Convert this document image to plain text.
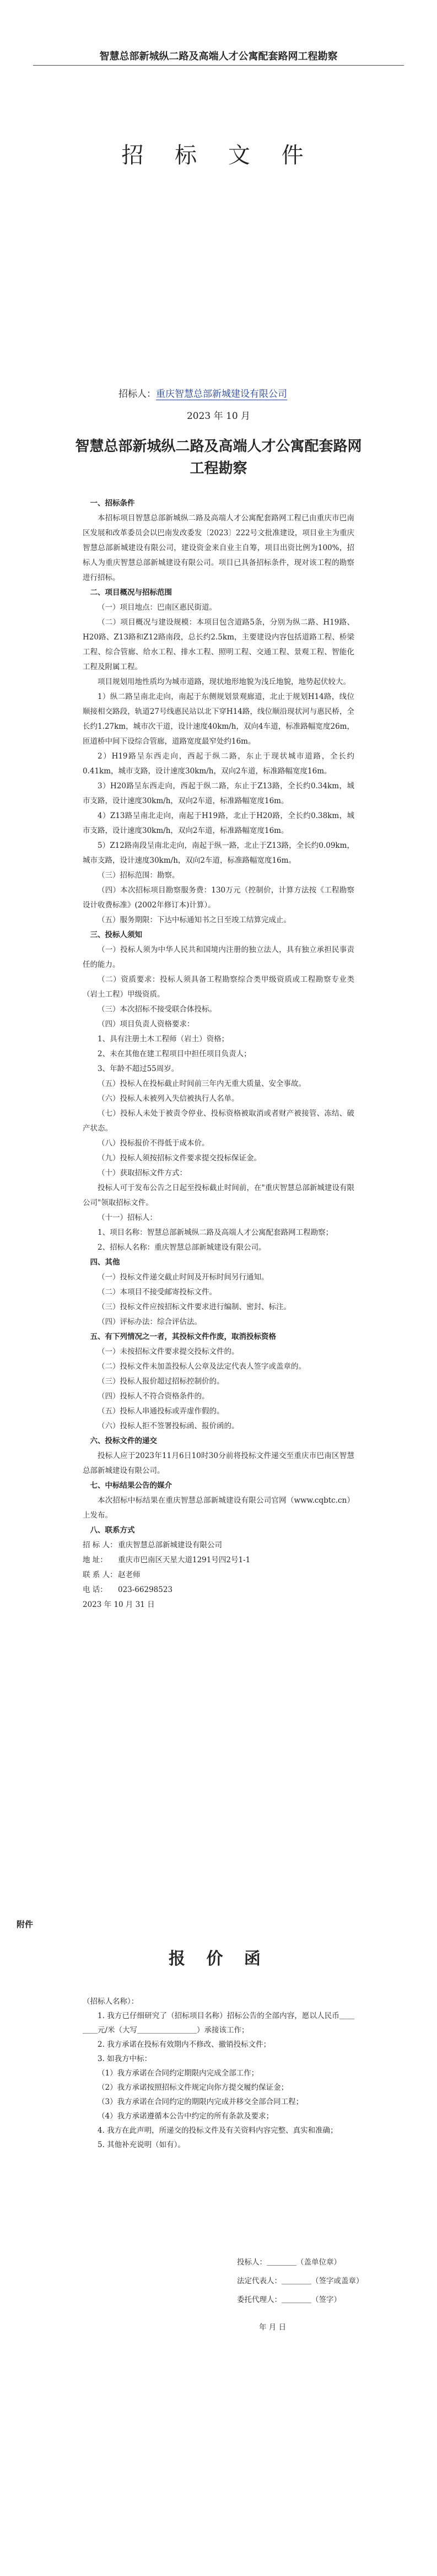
智慧总部新城纵二路及高端人才公寓配套路网工程勘察
招 标 文 件
招标人：重庆智慧总部新城建设有限公司
2023 年 10 月
智慧总部新城纵二路及高端人才公寓配套路网工程勘察

一、招标条件

本招标项目智慧总部新城纵二路及高端人才公寓配套路网工程已由重庆市巴南区发展和改革委员会以巴南发改委发〔2023〕222号文批准建设，项目业主为重庆智慧总部新城建设有限公司，建设资金来自业主自筹，项目出资比例为100%，招标人为重庆智慧总部新城建设有限公司。项目已具备招标条件，现对该工程的勘察进行招标。

二、项目概况与招标范围

（一）项目地点：巴南区惠民街道。

（二）项目概况与建设规模：本项目包含道路5条，分别为纵二路、H19路、H20路、Z13路和Z12路南段，总长约2.5km，主要建设内容包括道路工程、桥梁工程、综合管廊、给水工程、排水工程、照明工程、交通工程、景观工程、智能化工程及附属工程。

项目规划用地性质均为城市道路，现状地形地貌为浅丘地貌，地势起伏较大。

1）纵二路呈南北走向，南起于东侧规划景观廊道，北止于规划H14路，线位顺接相交路段，轨道27号线惠民站以北下穿H14路，线位顺沿现状河与惠民桥，全长约1.27km，城市次干道，设计速度40km/h，双向4车道，标准路幅宽度26m，匝道桥中间下设综合管廊，道路宽度最窄处约16m。

2）H19路呈东西走向，西起于纵二路，东止于现状城市道路，全长约0.41km，城市支路，设计速度30km/h，双向2车道，标准路幅宽度16m。

3）H20路呈东西走向，西起于纵二路，东止于Z13路，全长约0.34km，城市支路，设计速度30km/h，双向2车道，标准路幅宽度16m。

4）Z13路呈南北走向，南起于H19路，北止于H20路，全长约0.38km，城市支路，设计速度30km/h，双向2车道，标准路幅宽度16m。

5）Z12路南段呈南北走向，南起于纵一路，北止于Z13路，全长约0.09km，城市支路，设计速度30km/h，双向2车道，标准路幅宽度16m。

（三）招标范围：勘察。

（四）本次招标项目勘察服务费：130万元（控制价，计算方法按《工程勘察设计收费标准》(2002年修订本)计算）。

（五）服务期限：下达中标通知书之日至竣工结算完成止。

三、投标人须知

（一）投标人须为中华人民共和国境内注册的独立法人，具有独立承担民事责任的能力。

（二）资质要求：投标人须具备工程勘察综合类甲级资质或工程勘察专业类（岩土工程）甲级资质。

（三）本次招标不接受联合体投标。

（四）项目负责人资格要求：

1、具有注册土木工程师（岩土）资格；

2、未在其他在建工程项目中担任项目负责人；

3、年龄不超过55周岁。

（五）投标人在投标截止时间前三年内无重大质量、安全事故。

（六）投标人未被列入失信被执行人名单。

（七）投标人未处于被责令停业、投标资格被取消或者财产被接管、冻结、破产状态。

（八）投标报价不得低于成本价。

（九）投标人须按招标文件要求提交投标保证金。

（十）获取招标文件方式：

投标人可于发布公告之日起至投标截止时间前，在"重庆智慧总部新城建设有限公司"领取招标文件。

（十一）招标人：

1、项目名称：智慧总部新城纵二路及高端人才公寓配套路网工程勘察；

2、招标人名称：重庆智慧总部新城建设有限公司。

四、其他

（一）投标文件递交截止时间及开标时间另行通知。

（二）本项目不接受邮寄投标文件。

（三）投标文件应按招标文件要求进行编制、密封、标注。

（四）评标办法：综合评估法。

五、有下列情况之一者，其投标文件作废，取消投标资格

（一）未按招标文件要求提交投标文件的。

（二）投标文件未加盖投标人公章及法定代表人签字或盖章的。

（三）投标人报价超过招标控制价的。

（四）投标人不符合资格条件的。

（五）投标人串通投标或弄虚作假的。

（六）投标人拒不签署投标函、报价函的。

六、投标文件的递交

投标人应于2023年11月6日10时30分前将投标文件递交至重庆市巴南区智慧总部新城建设有限公司。

七、中标结果公告的媒介

本次招标中标结果在重庆智慧总部新城建设有限公司官网（www.cqbtc.cn）上发布。

八、联系方式

招 标 人： 重庆智慧总部新城建设有限公司
地 址：	重庆市巴南区天星大道1291号四2号1-1
联 系 人： 赵老师
电 话：	023-66298523

2023 年 10 月 31 日

附件
报 价 函

（招标人名称）：

1. 我方已仔细研究了（招标项目名称）招标公告的全部内容，愿以人民币＿＿＿＿元/米（大写＿＿＿＿＿＿＿＿）承接该工作；

2. 我方承诺在投标有效期内不修改、撤销投标文件；

3. 如我方中标：

（1）我方承诺在合同约定期限内完成全部工作；

（2）我方承诺按照招标文件规定向你方提交履约保证金；

（3）我方承诺在合同约定的期限内完成并移交全部合同工程；

（4）我方承诺遵循本公告中约定的所有条款及要求；

4. 我方在此声明，所递交的投标文件及有关资料内容完整、真实和准确；

5. 其他补充说明（如有）。

投标人：＿＿＿＿（盖单位章）
法定代表人：＿＿＿＿（签字或盖章）
委托代理人：＿＿＿＿（签字）
年 月 日
